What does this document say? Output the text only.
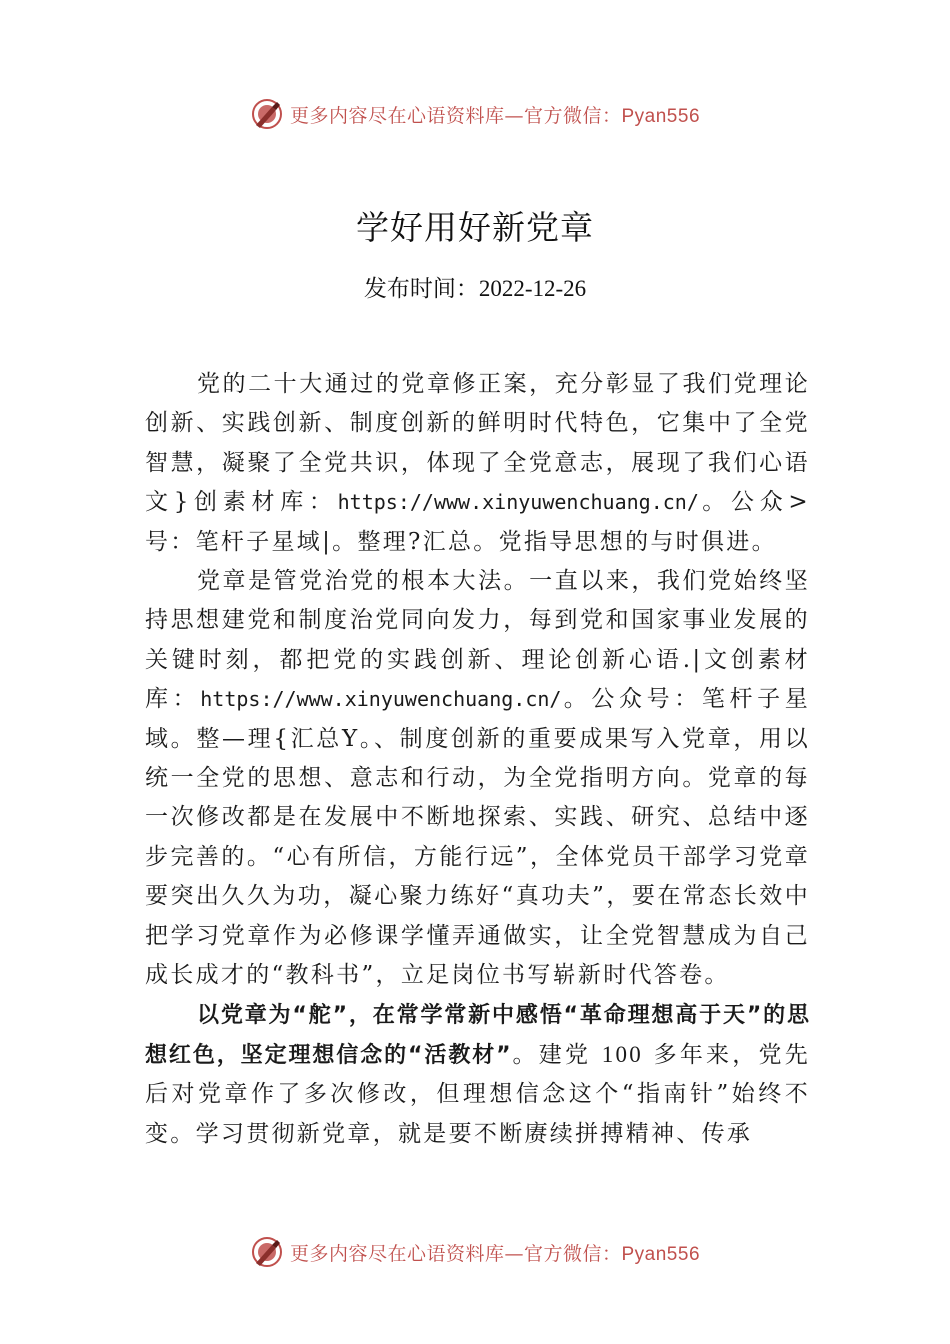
更多内容尽在心语资料库—官方微信：Pyan556
学好用好新党章
发布时间：2022-12-26

党的二十大通过的党章修正案，充分彰显了我们党理论创新、实践创新、制度创新的鲜明时代特色，它集中了全党智慧，凝聚了全党共识，体现了全党意志，展现了我们心语文}创素材库：https://www.xinyuwenchuang.cn/。公众>号：笔杆子星域|。整理?汇总。党指导思想的与时俱进。

党章是管党治党的根本大法。一直以来，我们党始终坚持思想建党和制度治党同向发力，每到党和国家事业发展的关键时刻，都把党的实践创新、理论创新心语.|文创素材库：https://www.xinyuwenchuang.cn/。公众号：笔杆子星域。整—理{汇总Y。、制度创新的重要成果写入党章，用以统一全党的思想、意志和行动，为全党指明方向。党章的每一次修改都是在发展中不断地探索、实践、研究、总结中逐步完善的。“心有所信，方能行远”，全体党员干部学习党章要突出久久为功，凝心聚力练好“真功夫”，要在常态长效中把学习党章作为必修课学懂弄通做实，让全党智慧成为自己成长成才的“教科书”，立足岗位书写崭新时代答卷。

以党章为“舵”，在常学常新中感悟“革命理想高于天”的思想红色，坚定理想信念的“活教材”。建党 100 多年来，党先后对党章作了多次修改，但理想信念这个“指南针”始终不变。学习贯彻新党章，就是要不断赓续拼搏精神、传承

更多内容尽在心语资料库—官方微信：Pyan556
